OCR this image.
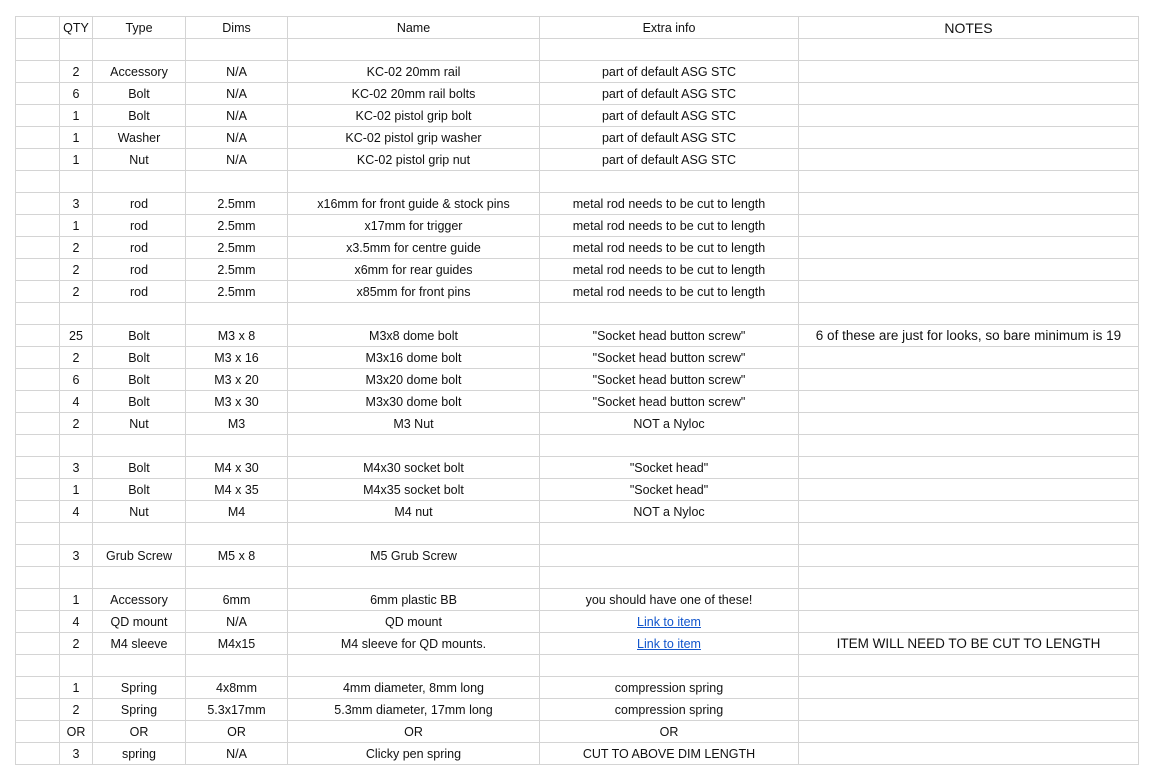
	QTY	Type	Dims	Name	Extra info	NOTES

	2	Accessory	N/A	KC-02 20mm rail	part of default ASG STC	
	6	Bolt	N/A	KC-02 20mm rail bolts	part of default ASG STC	
	1	Bolt	N/A	KC-02 pistol grip bolt	part of default ASG STC	
	1	Washer	N/A	KC-02 pistol grip washer	part of default ASG STC	
	1	Nut	N/A	KC-02 pistol grip nut	part of default ASG STC	

	3	rod	2.5mm	x16mm for front guide & stock pins	metal rod needs to be cut to length	
	1	rod	2.5mm	x17mm for trigger	metal rod needs to be cut to length	
	2	rod	2.5mm	x3.5mm for centre guide	metal rod needs to be cut to length	
	2	rod	2.5mm	x6mm for rear guides	metal rod needs to be cut to length	
	2	rod	2.5mm	x85mm for front pins	metal rod needs to be cut to length	

	25	Bolt	M3 x 8	M3x8 dome bolt	"Socket head button screw"	6 of these are just for looks, so bare minimum is 19
	2	Bolt	M3 x 16	M3x16 dome bolt	"Socket head button screw"	
	6	Bolt	M3 x 20	M3x20 dome bolt	"Socket head button screw"	
	4	Bolt	M3 x 30	M3x30 dome bolt	"Socket head button screw"	
	2	Nut	M3	M3 Nut	NOT a Nyloc	

	3	Bolt	M4 x 30	M4x30 socket bolt	"Socket head"	
	1	Bolt	M4 x 35	M4x35 socket bolt	"Socket head"	
	4	Nut	M4	M4 nut	NOT a Nyloc	

	3	Grub Screw	M5 x 8	M5 Grub Screw		

	1	Accessory	6mm	6mm plastic BB	you should have one of these!	
	4	QD mount	N/A	QD mount	Link to item	
	2	M4 sleeve	M4x15	M4 sleeve for QD mounts.	Link to item	ITEM WILL NEED TO BE CUT TO LENGTH

	1	Spring	4x8mm	4mm diameter, 8mm long	compression spring	
	2	Spring	5.3x17mm	5.3mm diameter, 17mm long	compression spring	
	OR	OR	OR	OR	OR	
	3	spring	N/A	Clicky pen spring	CUT TO ABOVE DIM LENGTH	
